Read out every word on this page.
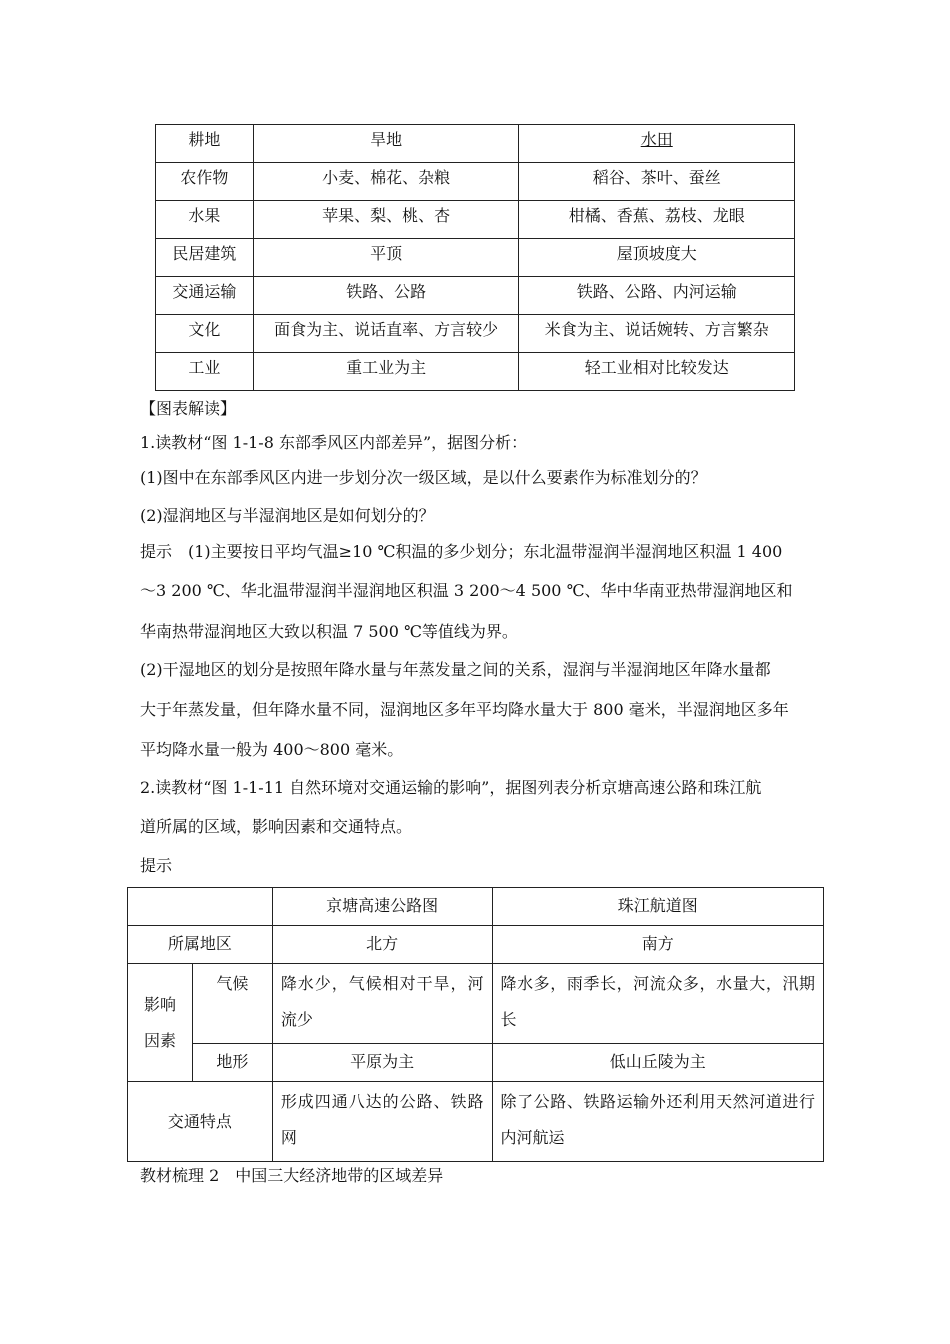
耕地	旱地	水田
农作物	小麦、棉花、杂粮	稻谷、茶叶、蚕丝
水果	苹果、梨、桃、杏	柑橘、香蕉、荔枝、龙眼
民居建筑	平顶	屋顶坡度大
交通运输	铁路、公路	铁路、公路、内河运输
文化	面食为主、说话直率、方言较少	米食为主、说话婉转、方言繁杂
工业	重工业为主	轻工业相对比较发达
【图表解读】
1.读教材“图 1-1-8 东部季风区内部差异”，据图分析：
(1)图中在东部季风区内进一步划分次一级区域，是以什么要素作为标准划分的？
(2)湿润地区与半湿润地区是如何划分的？
提示　(1)主要按日平均气温≥10 ℃积温的多少划分；东北温带湿润半湿润地区积温 1 400
～3 200 ℃、华北温带湿润半湿润地区积温 3 200～4 500 ℃、华中华南亚热带湿润地区和
华南热带湿润地区大致以积温 7 500 ℃等值线为界。
(2)干湿地区的划分是按照年降水量与年蒸发量之间的关系，湿润与半湿润地区年降水量都
大于年蒸发量，但年降水量不同，湿润地区多年平均降水量大于 800 毫米，半湿润地区多年
平均降水量一般为 400～800 毫米。
2.读教材“图 1-1-11 自然环境对交通运输的影响”，据图列表分析京塘高速公路和珠江航
道所属的区域，影响因素和交通特点。
提示
		京塘高速公路图	珠江航道图
所属地区		北方	南方
影响因素	气候	降水少，气候相对干旱，河流少	降水多，雨季长，河流众多，水量大，汛期长
	地形	平原为主	低山丘陵为主
交通特点		形成四通八达的公路、铁路网	除了公路、铁路运输外还利用天然河道进行内河航运
教材梳理 2　中国三大经济地带的区域差异
